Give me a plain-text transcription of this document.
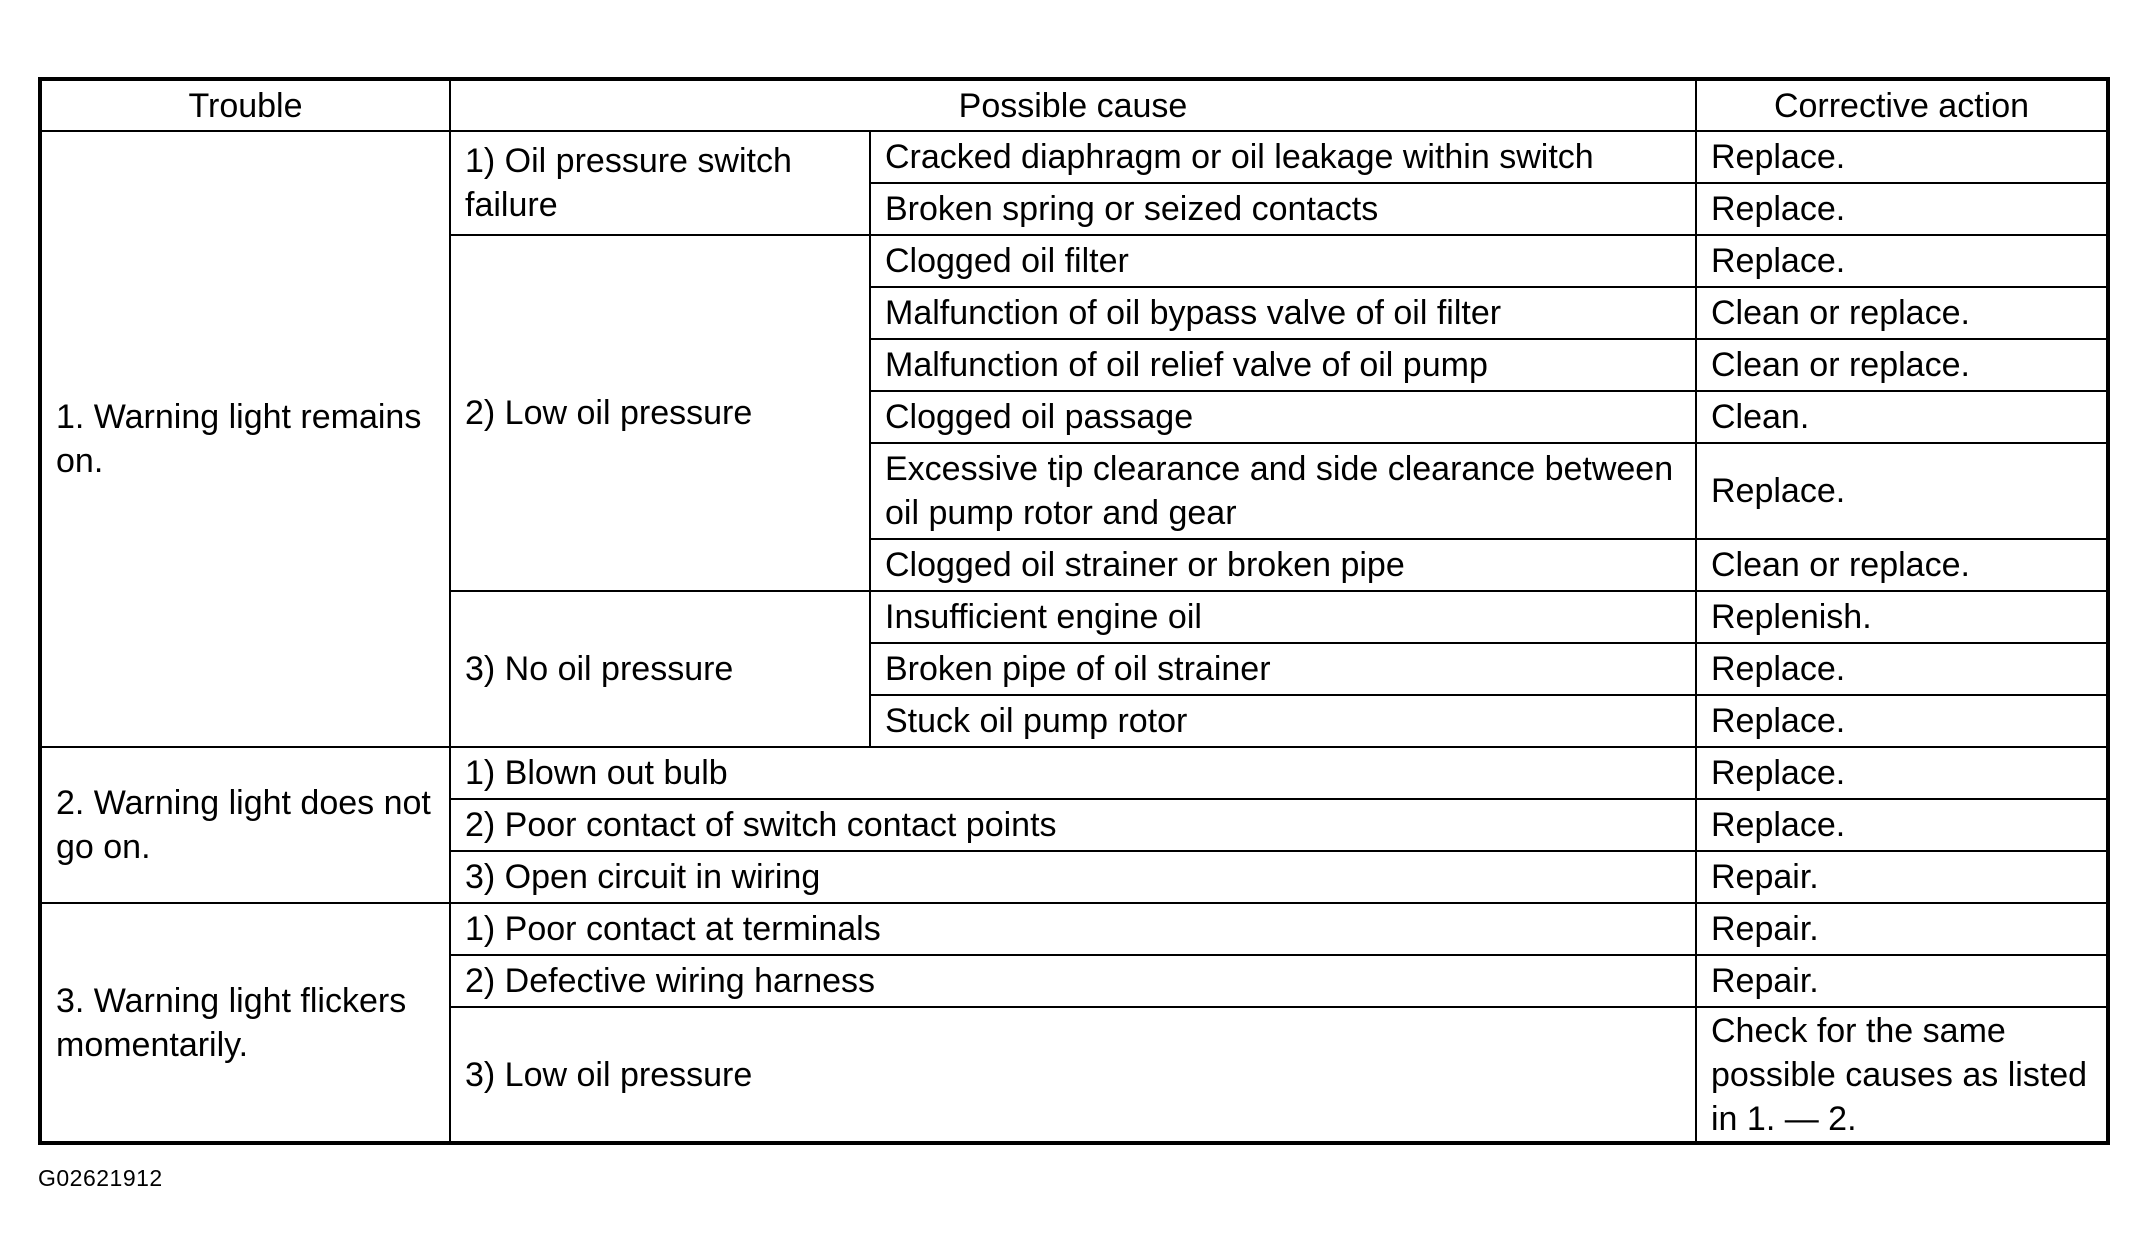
Trouble	Possible cause		Corrective action
1. Warning light remains on.	1) Oil pressure switch failure	Cracked diaphragm or oil leakage within switch	Replace.
		Broken spring or seized contacts	Replace.
	2) Low oil pressure	Clogged oil filter	Replace.
		Malfunction of oil bypass valve of oil filter	Clean or replace.
		Malfunction of oil relief valve of oil pump	Clean or replace.
		Clogged oil passage	Clean.
		Excessive tip clearance and side clearance between oil pump rotor and gear	Replace.
		Clogged oil strainer or broken pipe	Clean or replace.
	3) No oil pressure	Insufficient engine oil	Replenish.
		Broken pipe of oil strainer	Replace.
		Stuck oil pump rotor	Replace.
2. Warning light does not go on.	1) Blown out bulb		Replace.
	2) Poor contact of switch contact points		Replace.
	3) Open circuit in wiring		Repair.
3. Warning light flickers momentarily.	1) Poor contact at terminals		Repair.
	2) Defective wiring harness		Repair.
	3) Low oil pressure		Check for the same possible causes as listed in 1. — 2.
G02621912
